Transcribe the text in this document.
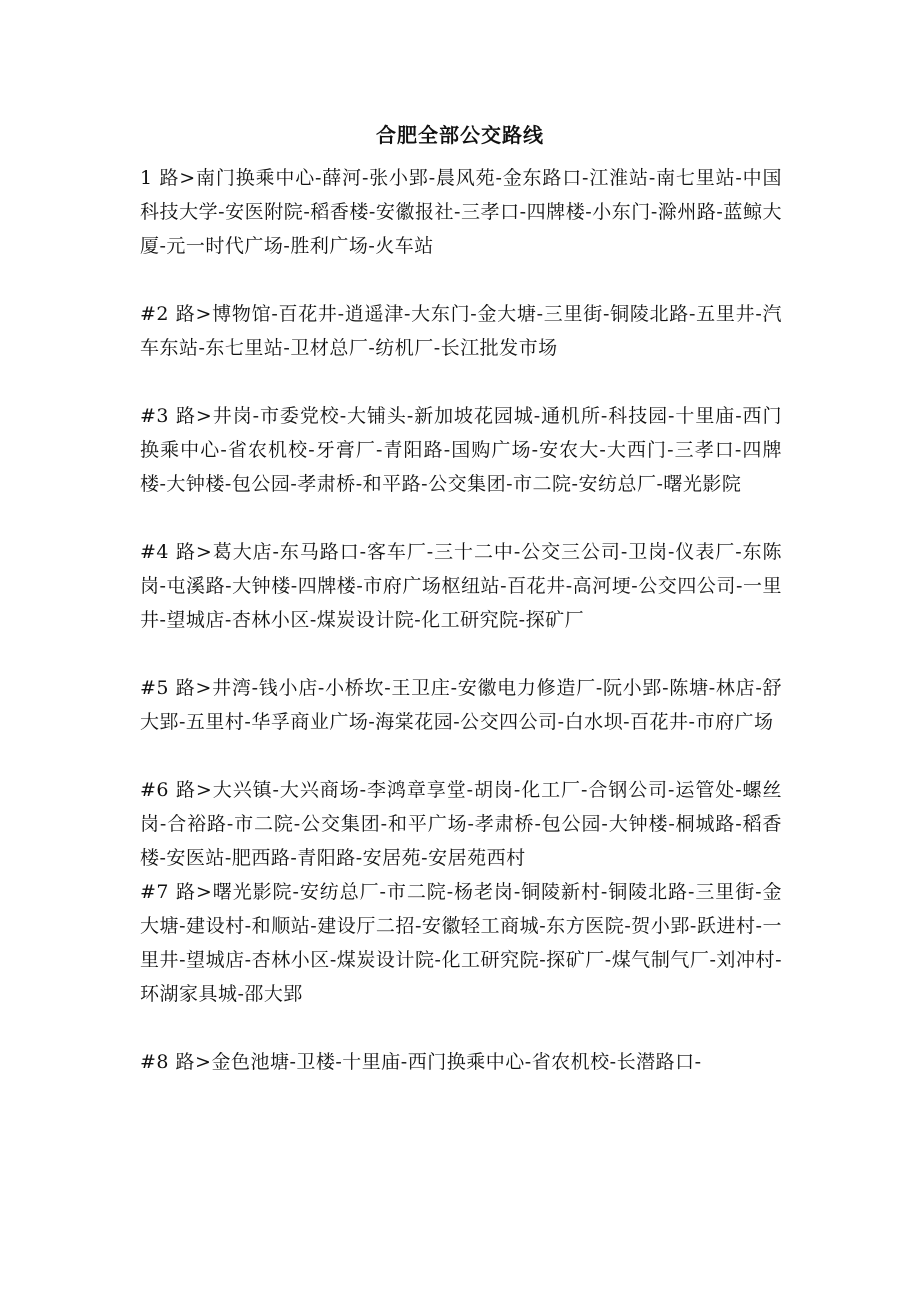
合肥全部公交路线

1 路>南门换乘中心-薛河-张小郢-晨风苑-金东路口-江淮站-南七里站-中国科技大学-安医附院-稻香楼-安徽报社-三孝口-四牌楼-小东门-滁州路-蓝鲸大厦-元一时代广场-胜利广场-火车站

#2 路>博物馆-百花井-逍遥津-大东门-金大塘-三里街-铜陵北路-五里井-汽车东站-东七里站-卫材总厂-纺机厂-长江批发市场

#3 路>井岗-市委党校-大铺头-新加坡花园城-通机所-科技园-十里庙-西门换乘中心-省农机校-牙膏厂-青阳路-国购广场-安农大-大西门-三孝口-四牌楼-大钟楼-包公园-孝肃桥-和平路-公交集团-市二院-安纺总厂-曙光影院

#4 路>葛大店-东马路口-客车厂-三十二中-公交三公司-卫岗-仪表厂-东陈岗-屯溪路-大钟楼-四牌楼-市府广场枢纽站-百花井-高河埂-公交四公司-一里井-望城店-杏林小区-煤炭设计院-化工研究院-探矿厂

#5 路>井湾-钱小店-小桥坎-王卫庄-安徽电力修造厂-阮小郢-陈塘-林店-舒大郢-五里村-华孚商业广场-海棠花园-公交四公司-白水坝-百花井-市府广场

#6 路>大兴镇-大兴商场-李鸿章享堂-胡岗-化工厂-合钢公司-运管处-螺丝岗-合裕路-市二院-公交集团-和平广场-孝肃桥-包公园-大钟楼-桐城路-稻香楼-安医站-肥西路-青阳路-安居苑-安居苑西村

#7 路>曙光影院-安纺总厂-市二院-杨老岗-铜陵新村-铜陵北路-三里街-金大塘-建设村-和顺站-建设厅二招-安徽轻工商城-东方医院-贺小郢-跃进村-一里井-望城店-杏林小区-煤炭设计院-化工研究院-探矿厂-煤气制气厂-刘冲村-环湖家具城-邵大郢

#8 路>金色池塘-卫楼-十里庙-西门换乘中心-省农机校-长潜路口-
